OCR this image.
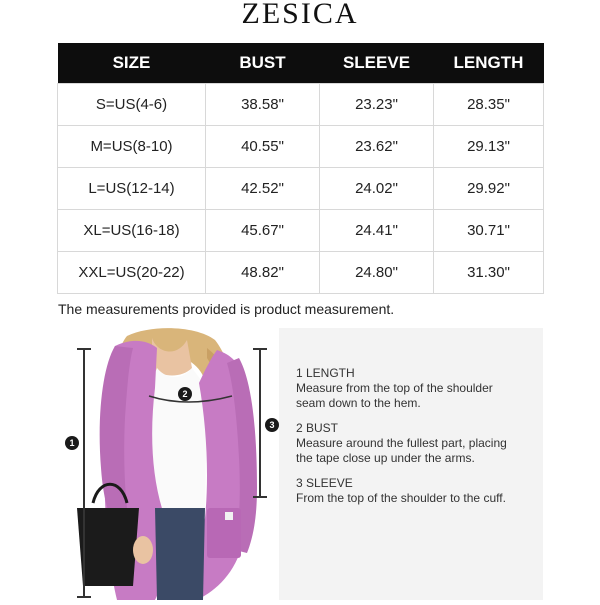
ZESICA
SIZE	BUST	SLEEVE	LENGTH
S=US(4-6)	38.58"	23.23"	28.35"
M=US(8-10)	40.55"	23.62"	29.13"
L=US(12-14)	42.52"	24.02"	29.92"
XL=US(16-18)	45.67"	24.41"	30.71"
XXL=US(20-22)	48.82"	24.80"	31.30"
The measurements provided is product measurement.
1
2
3
1 LENGTH
Measure from the top of the shoulder
seam down to the hem.
2 BUST
Measure around the fullest part, placing
the tape close up under the arms.
3 SLEEVE
From the top of the shoulder to the cuff.
